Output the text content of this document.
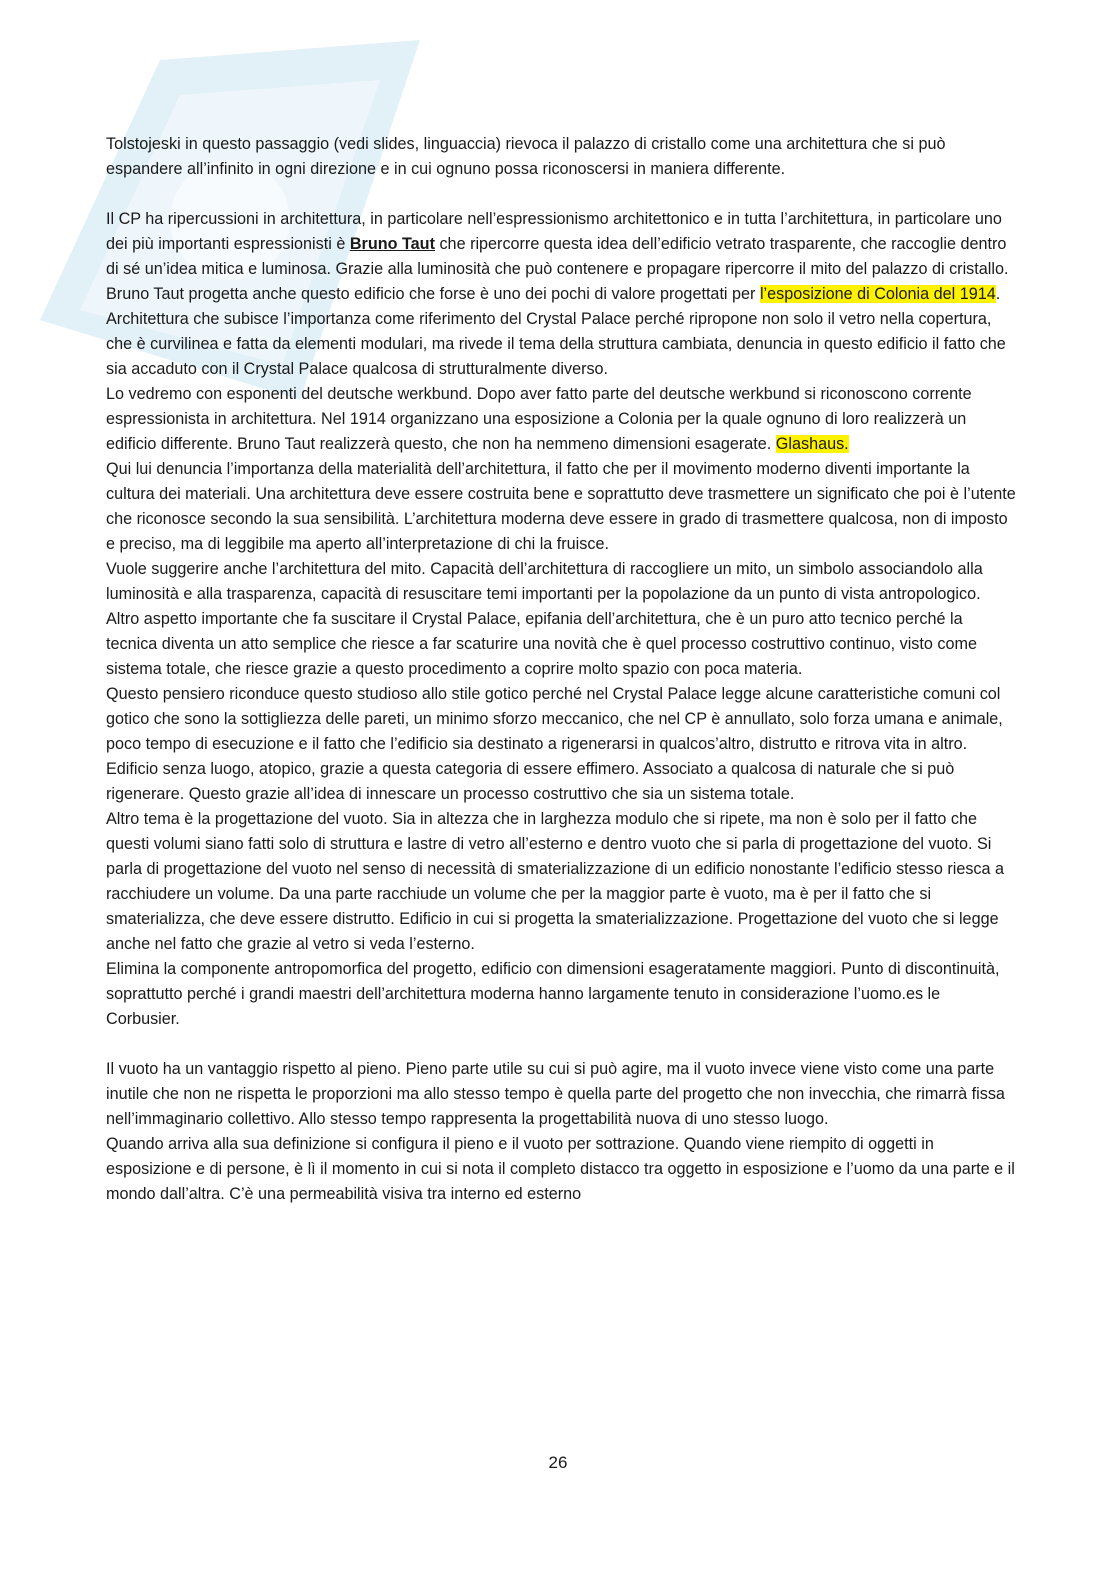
Tolstojeski in questo passaggio (vedi slides, linguaccia) rievoca il palazzo di cristallo come una architettura che si può espandere all’infinito in ogni direzione e in cui ognuno possa riconoscersi in maniera differente.

Il CP ha ripercussioni in architettura, in particolare nell’espressionismo architettonico e in tutta l’architettura, in particolare uno dei più importanti espressionisti è Bruno Taut che ripercorre questa idea dell’edificio vetrato trasparente, che raccoglie dentro di sé un’idea mitica e luminosa. Grazie alla luminosità che può contenere e propagare ripercorre il mito del palazzo di cristallo.

Bruno Taut progetta anche questo edificio che forse è uno dei pochi di valore progettati per l’esposizione di Colonia del 1914. Architettura che subisce l’importanza come riferimento del Crystal Palace perché ripropone non solo il vetro nella copertura, che è curvilinea e fatta da elementi modulari, ma rivede il tema della struttura cambiata, denuncia in questo edificio il fatto che sia accaduto con il Crystal Palace qualcosa di strutturalmente diverso.

Lo vedremo con esponenti del deutsche werkbund. Dopo aver fatto parte del deutsche werkbund si riconoscono corrente espressionista in architettura. Nel 1914 organizzano una esposizione a Colonia per la quale ognuno di loro realizzerà un edificio differente. Bruno Taut realizzerà questo, che non ha nemmeno dimensioni esagerate. Glashaus.

Qui lui denuncia l’importanza della materialità dell’architettura, il fatto che per il movimento moderno diventi importante la cultura dei materiali. Una architettura deve essere costruita bene e soprattutto deve trasmettere un significato che poi è l’utente che riconosce secondo la sua sensibilità. L’architettura moderna deve essere in grado di trasmettere qualcosa, non di imposto e preciso, ma di leggibile ma aperto all’interpretazione di chi la fruisce.

Vuole suggerire anche l’architettura del mito. Capacità dell’architettura di raccogliere un mito, un simbolo associandolo alla luminosità e alla trasparenza, capacità di resuscitare temi importanti per la popolazione da un punto di vista antropologico.

Altro aspetto importante che fa suscitare il Crystal Palace, epifania dell’architettura, che è un puro atto tecnico perché la tecnica diventa un atto semplice che riesce a far scaturire una novità che è quel processo costruttivo continuo, visto come sistema totale, che riesce grazie a questo procedimento a coprire molto spazio con poca materia.

Questo pensiero riconduce questo studioso allo stile gotico perché nel Crystal Palace legge alcune caratteristiche comuni col gotico che sono la sottigliezza delle pareti, un minimo sforzo meccanico, che nel CP è annullato, solo forza umana e animale, poco tempo di esecuzione e il fatto che l’edificio sia destinato a rigenerarsi in qualcos’altro, distrutto e ritrova vita in altro.

Edificio senza luogo, atopico, grazie a questa categoria di essere effimero. Associato a qualcosa di naturale che si può rigenerare. Questo grazie all’idea di innescare un processo costruttivo che sia un sistema totale.

Altro tema è la progettazione del vuoto. Sia in altezza che in larghezza modulo che si ripete, ma non è solo per il fatto che questi volumi siano fatti solo di struttura e lastre di vetro all’esterno e dentro vuoto che si parla di progettazione del vuoto. Si parla di progettazione del vuoto nel senso di necessità di smaterializzazione di un edificio nonostante l’edificio stesso riesca a racchiudere un volume. Da una parte racchiude un volume che per la maggior parte è vuoto, ma è per il fatto che si smaterializza, che deve essere distrutto. Edificio in cui si progetta la smaterializzazione. Progettazione del vuoto che si legge anche nel fatto che grazie al vetro si veda l’esterno.

Elimina la componente antropomorfica del progetto, edificio con dimensioni esageratamente maggiori. Punto di discontinuità, soprattutto perché i grandi maestri dell’architettura moderna hanno largamente tenuto in considerazione l’uomo.es le Corbusier.

Il vuoto ha un vantaggio rispetto al pieno. Pieno parte utile su cui si può agire, ma il vuoto invece viene visto come una parte inutile che non ne rispetta le proporzioni ma allo stesso tempo è quella parte del progetto che non invecchia, che rimarrà fissa nell’immaginario collettivo. Allo stesso tempo rappresenta la progettabilità nuova di uno stesso luogo.

Quando arriva alla sua definizione si configura il pieno e il vuoto per sottrazione. Quando viene riempito di oggetti in esposizione e di persone, è lì il momento in cui si nota il completo distacco tra oggetto in esposizione e l’uomo da una parte e il mondo dall’altra. C’è una permeabilità visiva tra interno ed esterno

26
